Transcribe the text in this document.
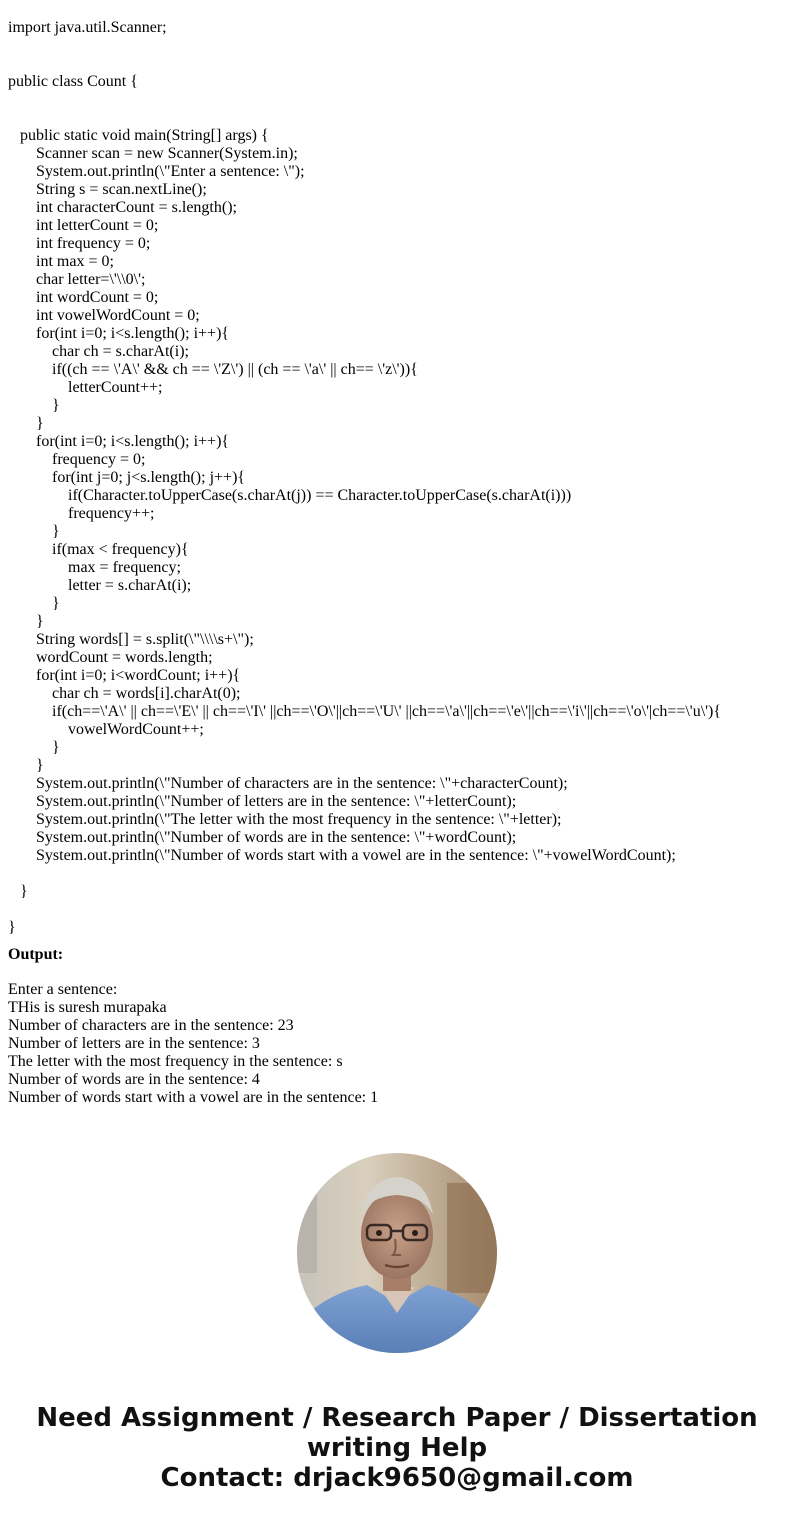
import java.util.Scanner;
public class Count {
public static void main(String[] args) {
Scanner scan = new Scanner(System.in);
System.out.println(\"Enter a sentence: \");
String s = scan.nextLine();
int characterCount = s.length();
int letterCount = 0;
int frequency = 0;
int max = 0;
char letter=\'\\0\';
int wordCount = 0;
int vowelWordCount = 0;
for(int i=0; i<s.length(); i++){
char ch = s.charAt(i);
if((ch == \'A\' && ch == \'Z\') || (ch == \'a\' || ch== \'z\')){
letterCount++;
}
}
for(int i=0; i<s.length(); i++){
frequency = 0;
for(int j=0; j<s.length(); j++){
if(Character.toUpperCase(s.charAt(j)) == Character.toUpperCase(s.charAt(i)))
frequency++;
}
if(max < frequency){
max = frequency;
letter = s.charAt(i);
}
}
String words[] = s.split(\"\\\\s+\");
wordCount = words.length;
for(int i=0; i<wordCount; i++){
char ch = words[i].charAt(0);
if(ch==\'A\' || ch==\'E\' || ch==\'I\' ||ch==\'O\'||ch==\'U\' ||ch==\'a\'||ch==\'e\'||ch==\'i\'||ch==\'o\'|ch==\'u\'){
vowelWordCount++;
}
}
System.out.println(\"Number of characters are in the sentence: \"+characterCount);
System.out.println(\"Number of letters are in the sentence: \"+letterCount);
System.out.println(\"The letter with the most frequency in the sentence: \"+letter);
System.out.println(\"Number of words are in the sentence: \"+wordCount);
System.out.println(\"Number of words start with a vowel are in the sentence: \"+vowelWordCount);
}
}
Output:
Enter a sentence:
THis is suresh murapaka
Number of characters are in the sentence: 23
Number of letters are in the sentence: 3
The letter with the most frequency in the sentence: s
Number of words are in the sentence: 4
Number of words start with a vowel are in the sentence: 1
Need Assignment / Research Paper / Dissertation
writing Help
Contact: drjack9650@gmail.com
